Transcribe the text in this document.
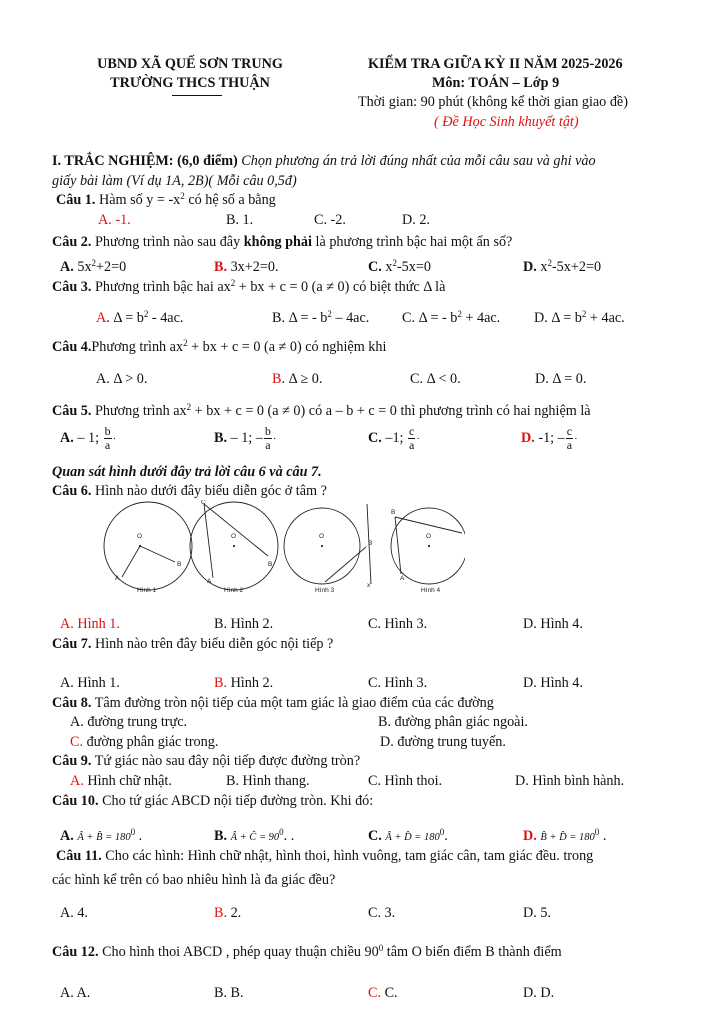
UBND XÃ QUẾ SƠN TRUNG
TRƯỜNG THCS THUẬN
KIỂM TRA GIỮA KỲ II NĂM 2025-2026
Môn: TOÁN – Lớp 9
Thời gian: 90 phút (không kể thời gian giao đề)
( Đề Học Sinh khuyết tật)
I. TRẮC NGHIỆM: (6,0 điểm) Chọn phương án trả lời đúng nhất của mỗi câu sau và ghi vào
giấy bài làm (Ví dụ 1A, 2B)( Mỗi câu 0,5đ)
Câu 1. Hàm số $y = -x^2$ có hệ số a bằng
A. -1.	B. 1.	C. -2.	D. 2.
Câu 2. Phương trình nào sau đây không phải là phương trình bậc hai một ẩn số?
A. $5x^2+2=0$	B. 3x+2=0.	C. $x^2-5x=0$	D. $x^2-5x+2=0$
Câu 3. Phương trình bậc hai $ax^2$ + bx + c = 0 (a ≠ 0) có biệt thức Δ là
A. $\Delta = b^2 - 4ac$.	B. Δ = - $b^2 - 4ac$. C. Δ = - $b^2 + 4ac$. D. $\Delta = b^2 + 4ac$.
Câu 4.Phương trình $ax^2$ + bx + c = 0 (a ≠ 0) có nghiệm khi
A. Δ > 0.	B. Δ ≥ 0.	C. Δ < 0.	D. Δ = 0.
Câu 5. Phương trình $ax^2$ + bx + c = 0 (a ≠ 0) có a – b + c = 0 thì phương trình có hai nghiệm là
A. – 1; $\frac{b}{a}$ ·	B. – 1; – $\frac{b}{a}$ ·	C. –1; $\frac{c}{a}$ ·	D. -1; – $\frac{c}{a}$ ·
Quan sát hình dưới đây trả lời câu 6 và câu 7.
Câu 6. Hình nào dưới đây biểu diễn góc ở tâm ?
O
A
B
Hình 1
O
C
A
B
Hình 2
O
B
x
Hình 3
O
B
A
Hình 4
A. Hình 1.	B. Hình 2.	C. Hình 3.	D. Hình 4.
Câu 7. Hình nào trên đây biểu diễn góc nội tiếp ?
A. Hình 1.	B. Hình 2.	C. Hình 3.	D. Hình 4.
Câu 8. Tâm đường tròn nội tiếp của một tam giác là giao điểm của các đường
A. đường trung trực.	B. đường phân giác ngoài.
C. đường phân giác trong.	D. đường trung tuyến.
Câu 9. Tứ giác nào sau đây nội tiếp được đường tròn?
A. Hình chữ nhật.	B. Hình thang.	C. Hình thoi.	D. Hình bình hành.
Câu 10. Cho tứ giác ABCD nội tiếp đường tròn. Khi đó:
A. Â + B̂ = $180^0$ .	B. Â + Ĉ = $90^0$. .	C. Â + D̂ = $180^0$.	D. B̂ + D̂ = $180^0$ .
Câu 11. Cho các hình: Hình chữ nhật, hình thoi, hình vuông, tam giác cân, tam giác đều. trong
các hình kể trên có bao nhiêu hình là đa giác đều?
A. 4.	B. 2.	C. 3.	D. 5.
Câu 12. Cho hình thoi ABCD , phép quay thuận chiều $90^0$ tâm O biến điểm B thành điểm
A. A.	B. B.	C. C.	D. D.
